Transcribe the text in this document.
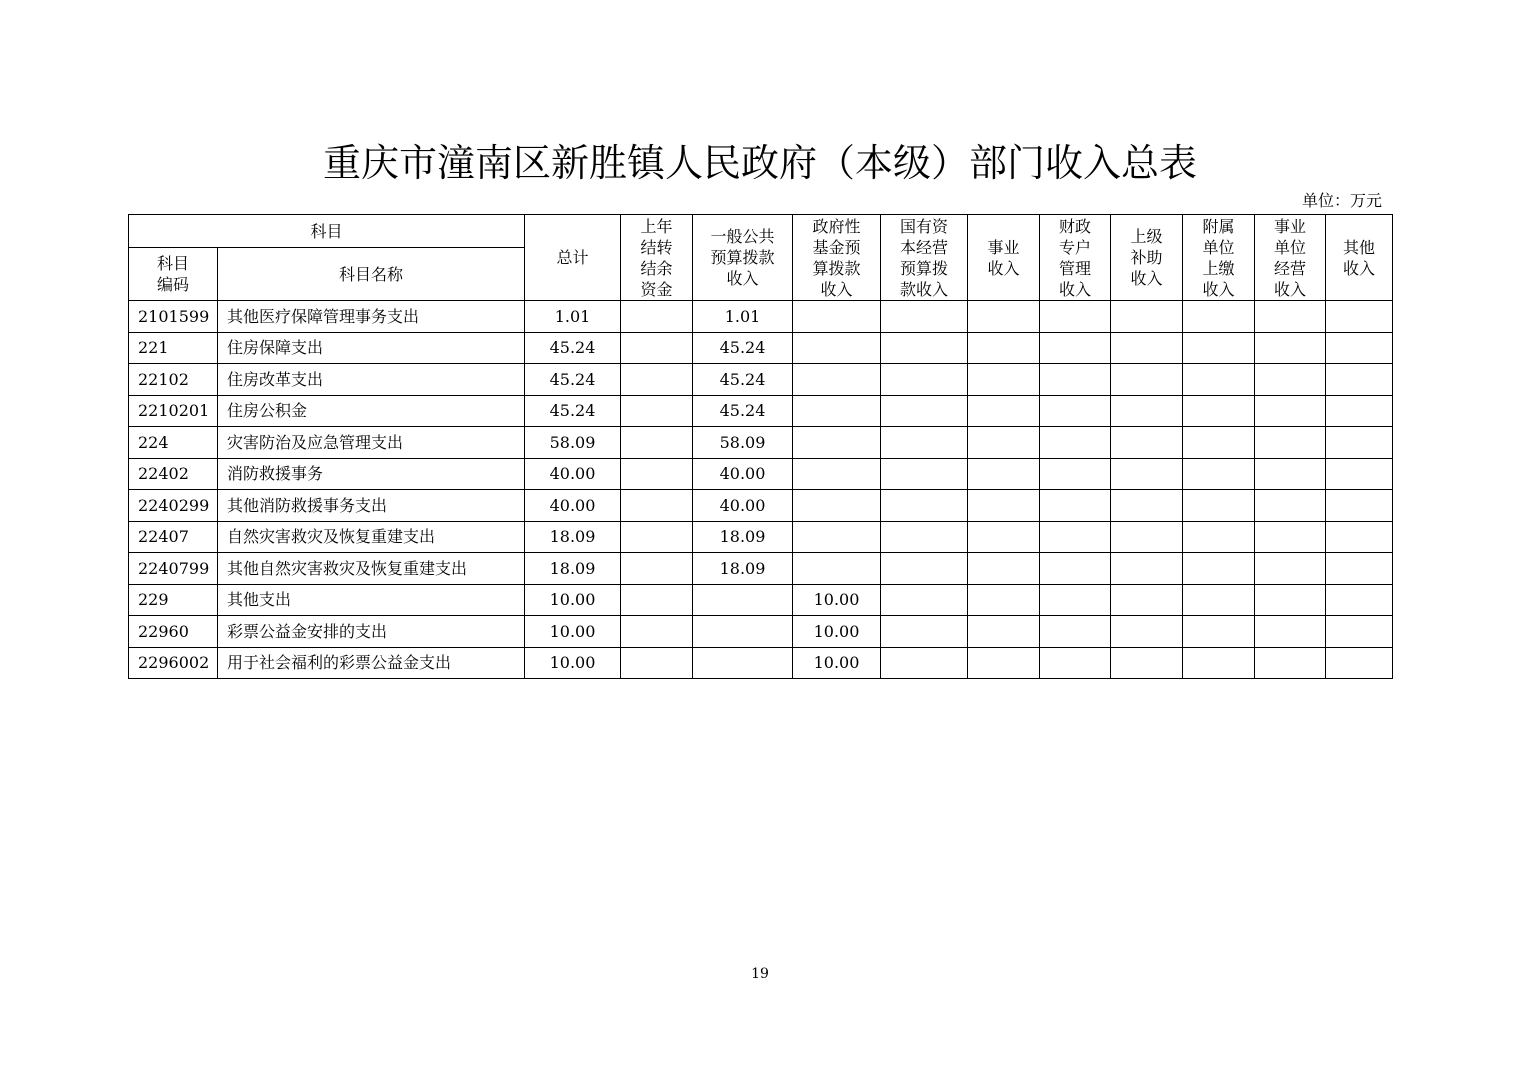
重庆市潼南区新胜镇人民政府（本级）部门收入总表
单位：万元
科目		总计	上年结转结余资金	一般公共预算拨款收入	政府性基金预算拨款收入	国有资本经营预算拨款收入	事业收入	财政专户管理收入	上级补助收入	附属单位上缴收入	事业单位经营收入	其他收入
科目编码	科目名称											
2101599	其他医疗保障管理事务支出	1.01		1.01								
221	住房保障支出	45.24		45.24								
22102	住房改革支出	45.24		45.24								
2210201	住房公积金	45.24		45.24								
224	灾害防治及应急管理支出	58.09		58.09								
22402	消防救援事务	40.00		40.00								
2240299	其他消防救援事务支出	40.00		40.00								
22407	自然灾害救灾及恢复重建支出	18.09		18.09								
2240799	其他自然灾害救灾及恢复重建支出	18.09		18.09								
229	其他支出	10.00			10.00							
22960	彩票公益金安排的支出	10.00			10.00							
2296002	用于社会福利的彩票公益金支出	10.00			10.00							
19
